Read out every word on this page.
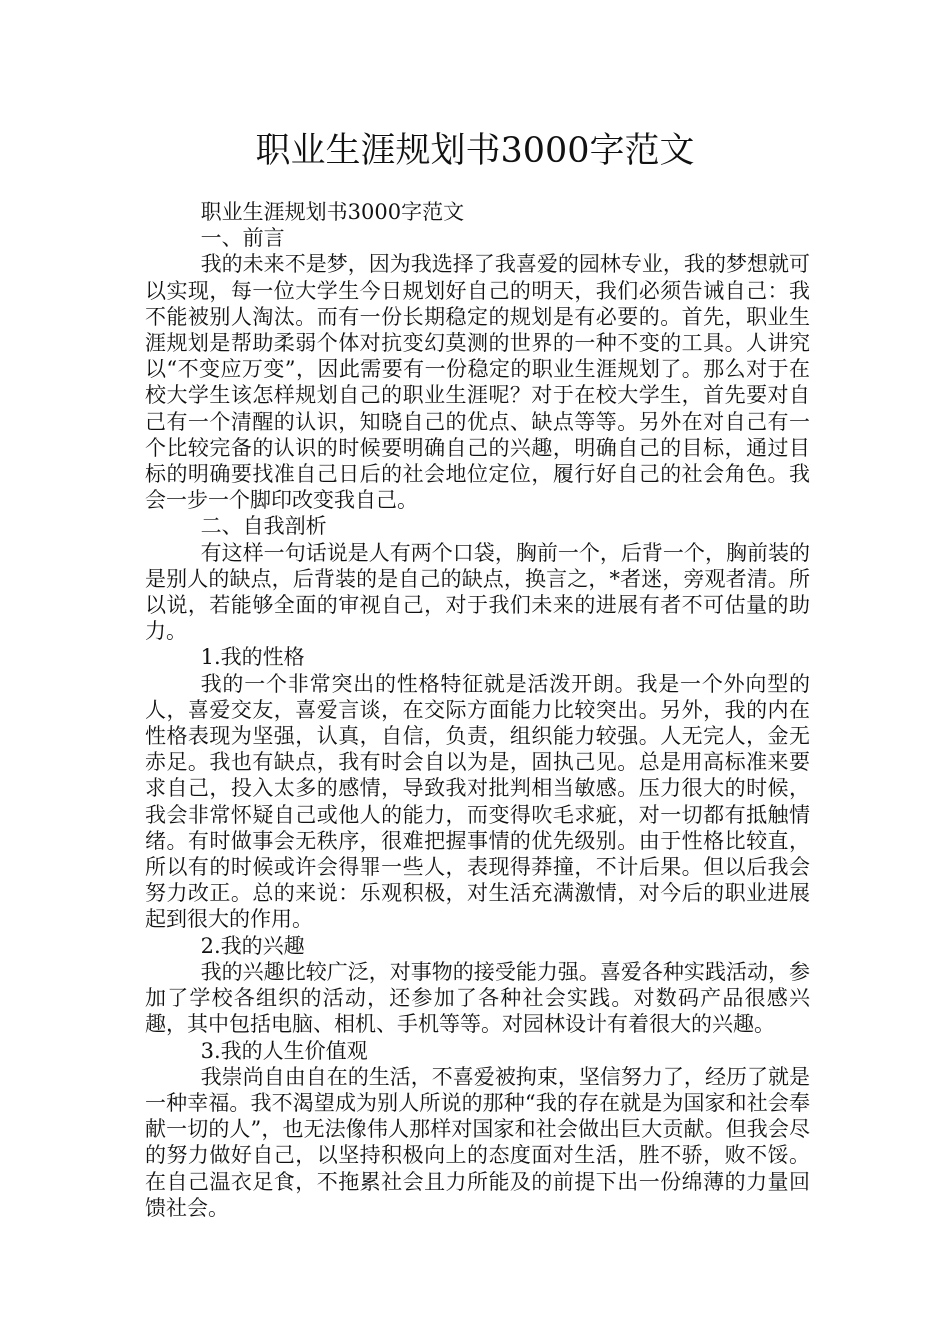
职业生涯规划书3000字范文

职业生涯规划书3000字范文

一、前言

我的未来不是梦，因为我选择了我喜爱的园林专业，我的梦想就可以实现，每一位大学生今日规划好自己的明天，我们必须告诫自己：我不能被别人淘汰。而有一份长期稳定的规划是有必要的。首先，职业生涯规划是帮助柔弱个体对抗变幻莫测的世界的一种不变的工具。人讲究以“不变应万变”，因此需要有一份稳定的职业生涯规划了。那么对于在校大学生该怎样规划自己的职业生涯呢？对于在校大学生，首先要对自己有一个清醒的认识，知晓自己的优点、缺点等等。另外在对自己有一个比较完备的认识的时候要明确自己的兴趣，明确自己的目标，通过目标的明确要找准自己日后的社会地位定位，履行好自己的社会角色。我会一步一个脚印改变我自己。

二、自我剖析

有这样一句话说是人有两个口袋，胸前一个，后背一个，胸前装的是别人的缺点，后背装的是自己的缺点，换言之，*者迷，旁观者清。所以说，若能够全面的审视自己，对于我们未来的进展有者不可估量的助力。

1.我的性格

我的一个非常突出的性格特征就是活泼开朗。我是一个外向型的人，喜爱交友，喜爱言谈，在交际方面能力比较突出。另外，我的内在性格表现为坚强，认真，自信，负责，组织能力较强。人无完人，金无赤足。我也有缺点，我有时会自以为是，固执己见。总是用高标准来要求自己，投入太多的感情，导致我对批判相当敏感。压力很大的时候，我会非常怀疑自己或他人的能力，而变得吹毛求疵，对一切都有抵触情绪。有时做事会无秩序，很难把握事情的优先级别。由于性格比较直，所以有的时候或许会得罪一些人，表现得莽撞，不计后果。但以后我会努力改正。总的来说：乐观积极，对生活充满激情，对今后的职业进展起到很大的作用。

2.我的兴趣

我的兴趣比较广泛，对事物的接受能力强。喜爱各种实践活动，参加了学校各组织的活动，还参加了各种社会实践。对数码产品很感兴趣，其中包括电脑、相机、手机等等。对园林设计有着很大的兴趣。

3.我的人生价值观

我崇尚自由自在的生活，不喜爱被拘束，坚信努力了，经历了就是一种幸福。我不渴望成为别人所说的那种“我的存在就是为国家和社会奉献一切的人”，也无法像伟人那样对国家和社会做出巨大贡献。但我会尽的努力做好自己，以坚持积极向上的态度面对生活，胜不骄，败不馁。在自己温衣足食，不拖累社会且力所能及的前提下出一份绵薄的力量回馈社会。
